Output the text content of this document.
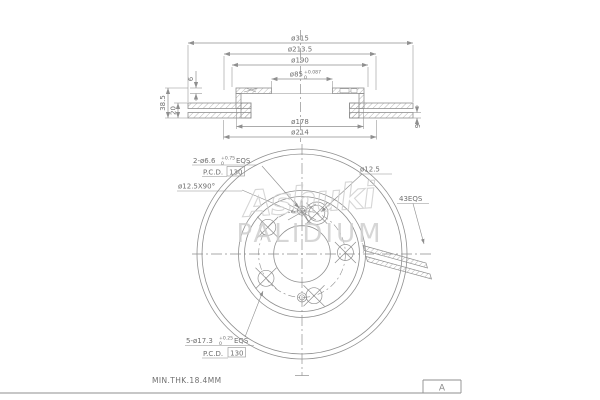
ø315
ø213.5
ø190
ø85 +0.087
0
6
38.5 20
ø178
ø214
9
Ashuki
PALIDIUM
2-ø6.6 +0.75
0 EQS
P.C.D. 130
ø12.5X90°
ø12.5
43EQS
5-ø17.3 +0.25
0 EQS
P.C.D. 130
MIN.THK.18.4MM
A
